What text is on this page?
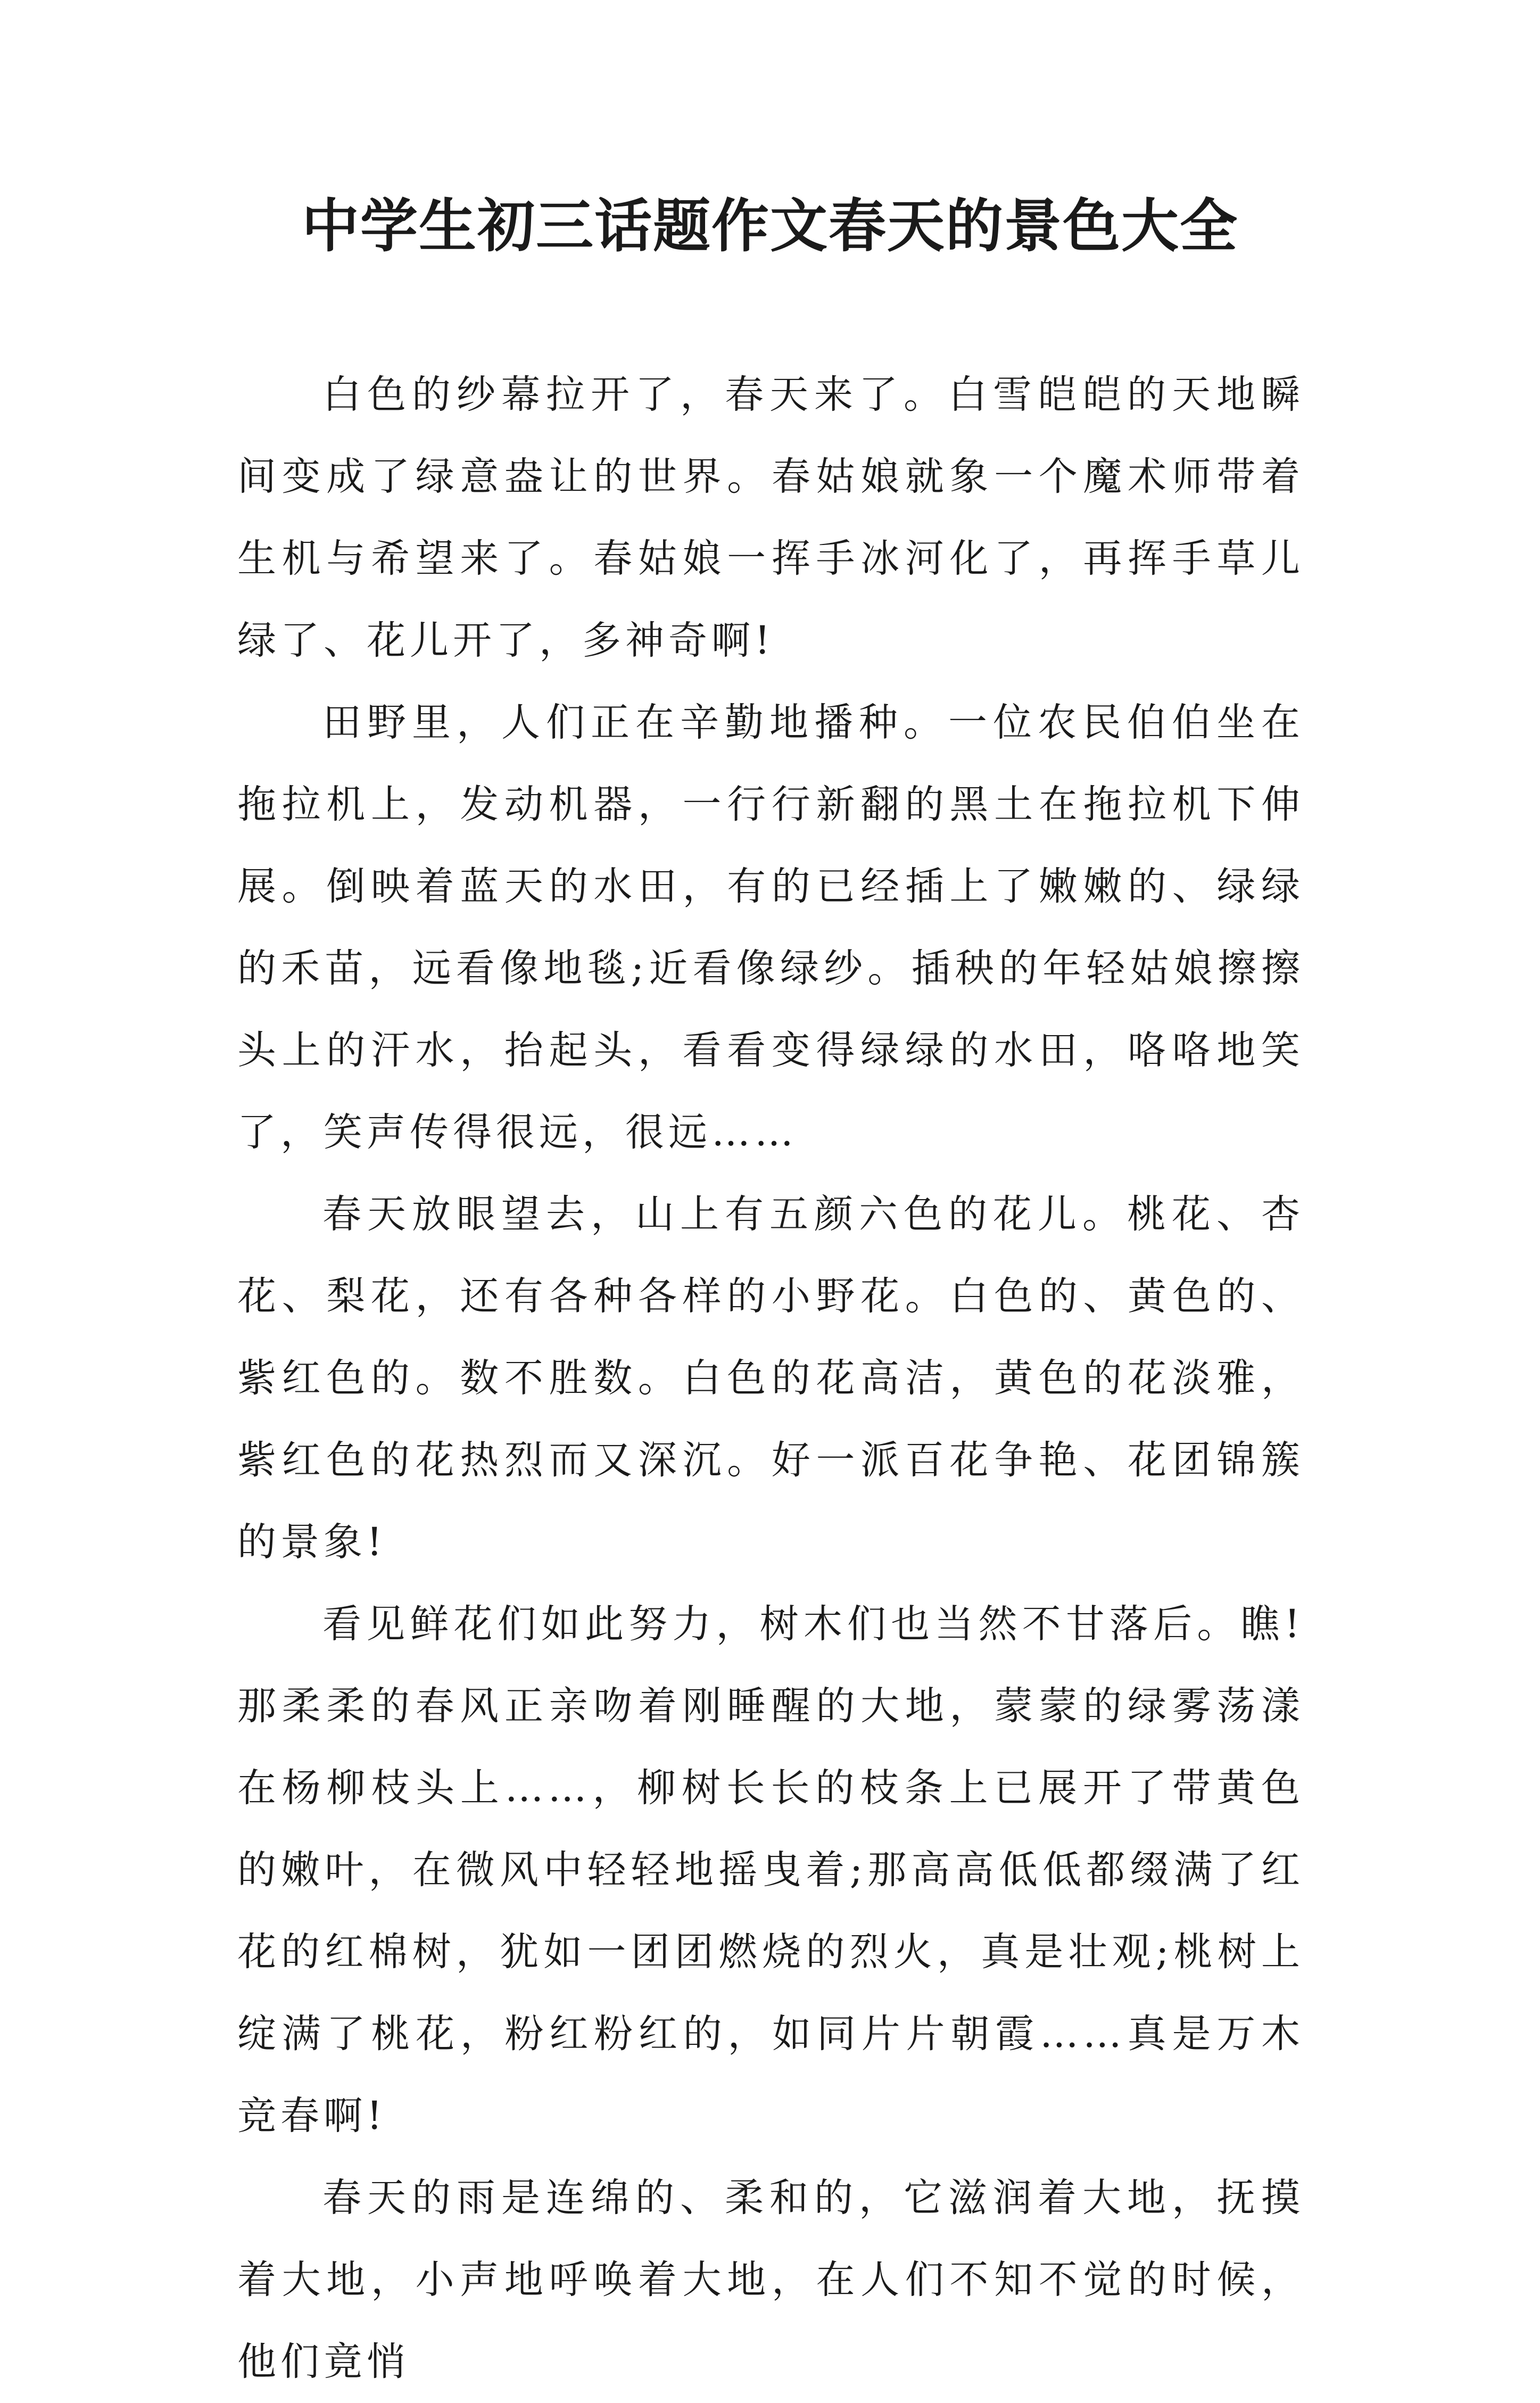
中学生初三话题作文春天的景色大全

白色的纱幕拉开了，春天来了。白雪皑皑的天地瞬间变成了绿意盎让的世界。春姑娘就象一个魔术师带着生机与希望来了。春姑娘一挥手冰河化了，再挥手草儿绿了、花儿开了，多神奇啊!

田野里，人们正在辛勤地播种。一位农民伯伯坐在拖拉机上，发动机器，一行行新翻的黑土在拖拉机下伸展。倒映着蓝天的水田，有的已经插上了嫩嫩的、绿绿的禾苗，远看像地毯;近看像绿纱。插秧的年轻姑娘擦擦头上的汗水，抬起头，看看变得绿绿的水田，咯咯地笑了，笑声传得很远，很远……

春天放眼望去，山上有五颜六色的花儿。桃花、杏花、梨花，还有各种各样的小野花。白色的、黄色的、紫红色的。数不胜数。白色的花高洁，黄色的花淡雅，紫红色的花热烈而又深沉。好一派百花争艳、花团锦簇的景象!

看见鲜花们如此努力，树木们也当然不甘落后。瞧!那柔柔的春风正亲吻着刚睡醒的大地，蒙蒙的绿雾荡漾在杨柳枝头上……，柳树长长的枝条上已展开了带黄色的嫩叶，在微风中轻轻地摇曳着;那高高低低都缀满了红花的红棉树，犹如一团团燃烧的烈火，真是壮观;桃树上绽满了桃花，粉红粉红的，如同片片朝霞……真是万木竞春啊!

春天的雨是连绵的、柔和的，它滋润着大地，抚摸着大地，小声地呼唤着大地，在人们不知不觉的时候，他们竟悄
